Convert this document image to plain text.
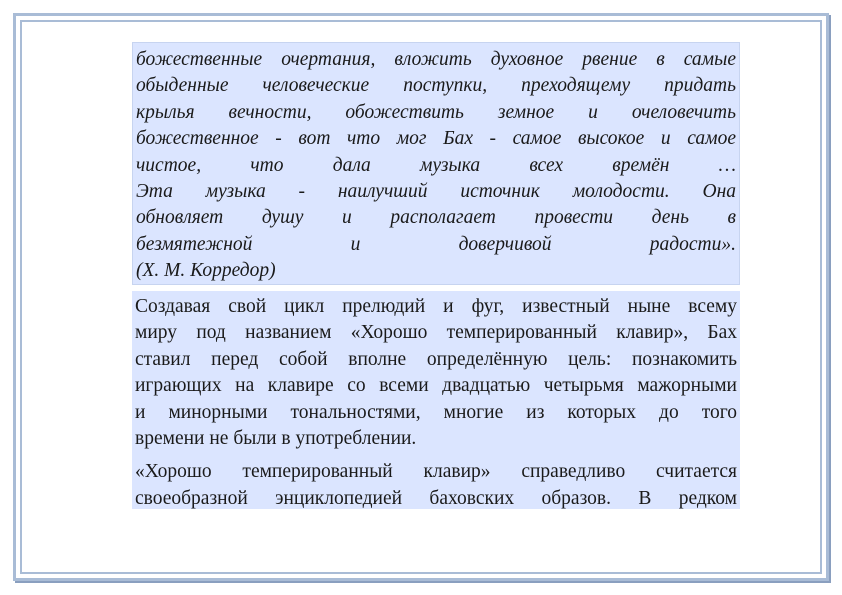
божественные очертания, вложить духовное рвение в самые
обыденные человеческие поступки, преходящему придать
крылья вечности, обожествить земное и очеловечить
божественное - вот что мог Бах - самое высокое и самое
чистое, что дала музыка всех времён …
Эта музыка - наилучший источник молодости. Она
обновляет душу и располагает провести день в
безмятежной и доверчивой радости».
(Х. М. Корредор)
Создавая свой цикл прелюдий и фуг, известный ныне всему
миру под названием «Хорошо темперированный клавир», Бах
ставил перед собой вполне определённую цель: познакомить
играющих на клавире со всеми двадцатью четырьмя мажорными
и минорными тональностями, многие из которых до того
времени не были в употреблении.
«Хорошо темперированный клавир» справедливо считается
своеобразной энциклопедией баховских образов. В редком
